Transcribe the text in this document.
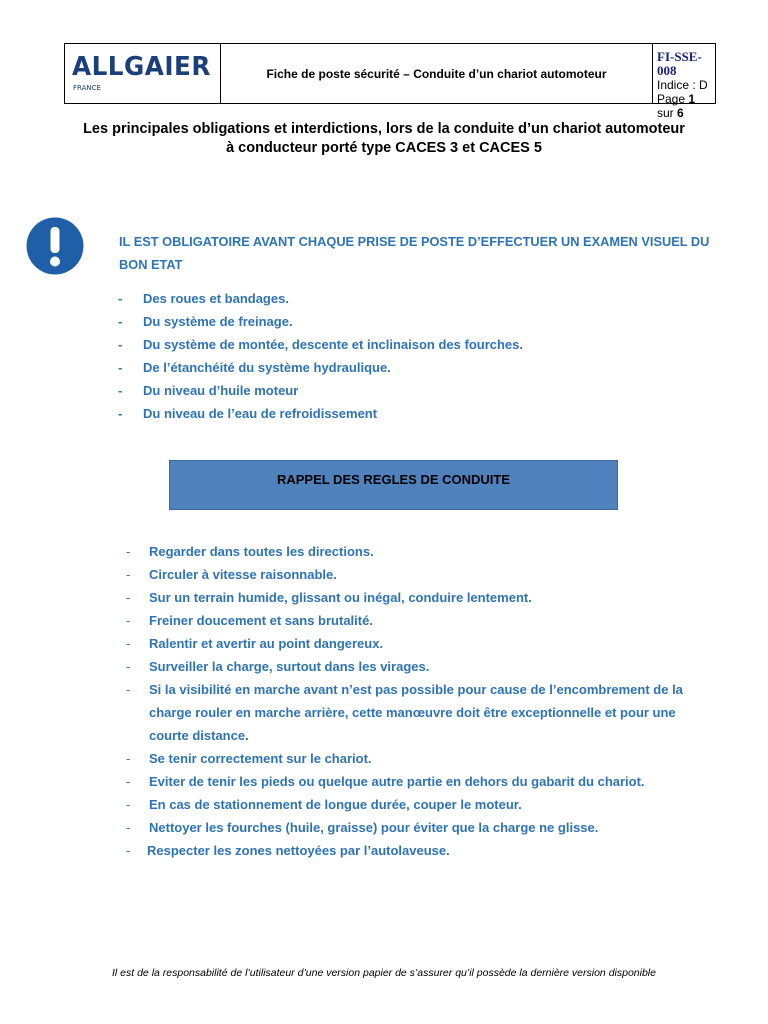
ALLGAIER
FRANCE
Fiche de poste sécurité – Conduite d’un chariot automoteur
FI-SSE-008
Indice : D
Page 1 sur 6
Les principales obligations et interdictions, lors de la conduite d’un chariot automoteur à conducteur porté type CACES 3 et CACES 5
IL EST OBLIGATOIRE AVANT CHAQUE PRISE DE POSTE D’EFFECTUER UN EXAMEN VISUEL DU BON ETAT
- Des roues et bandages.
- Du système de freinage.
- Du système de montée, descente et inclinaison des fourches.
- De l’étanchéité du système hydraulique.
- Du niveau d’huile moteur
- Du niveau de l’eau de refroidissement
RAPPEL DES REGLES DE CONDUITE
- Regarder dans toutes les directions.
- Circuler à vitesse raisonnable.
- Sur un terrain humide, glissant ou inégal, conduire lentement.
- Freiner doucement et sans brutalité.
- Ralentir et avertir au point dangereux.
- Surveiller la charge, surtout dans les virages.
- Si la visibilité en marche avant n’est pas possible pour cause de l’encombrement de la charge rouler en marche arrière, cette manœuvre doit être exceptionnelle et pour une courte distance.
- Se tenir correctement sur le chariot.
- Eviter de tenir les pieds ou quelque autre partie en dehors du gabarit du chariot.
- En cas de stationnement de longue durée, couper le moteur.
- Nettoyer les fourches (huile, graisse) pour éviter que la charge ne glisse.
- Respecter les zones nettoyées par l’autolaveuse.
Il est de la responsabilité de l’utilisateur d’une version papier de s’assurer qu’il possède la dernière version disponible
